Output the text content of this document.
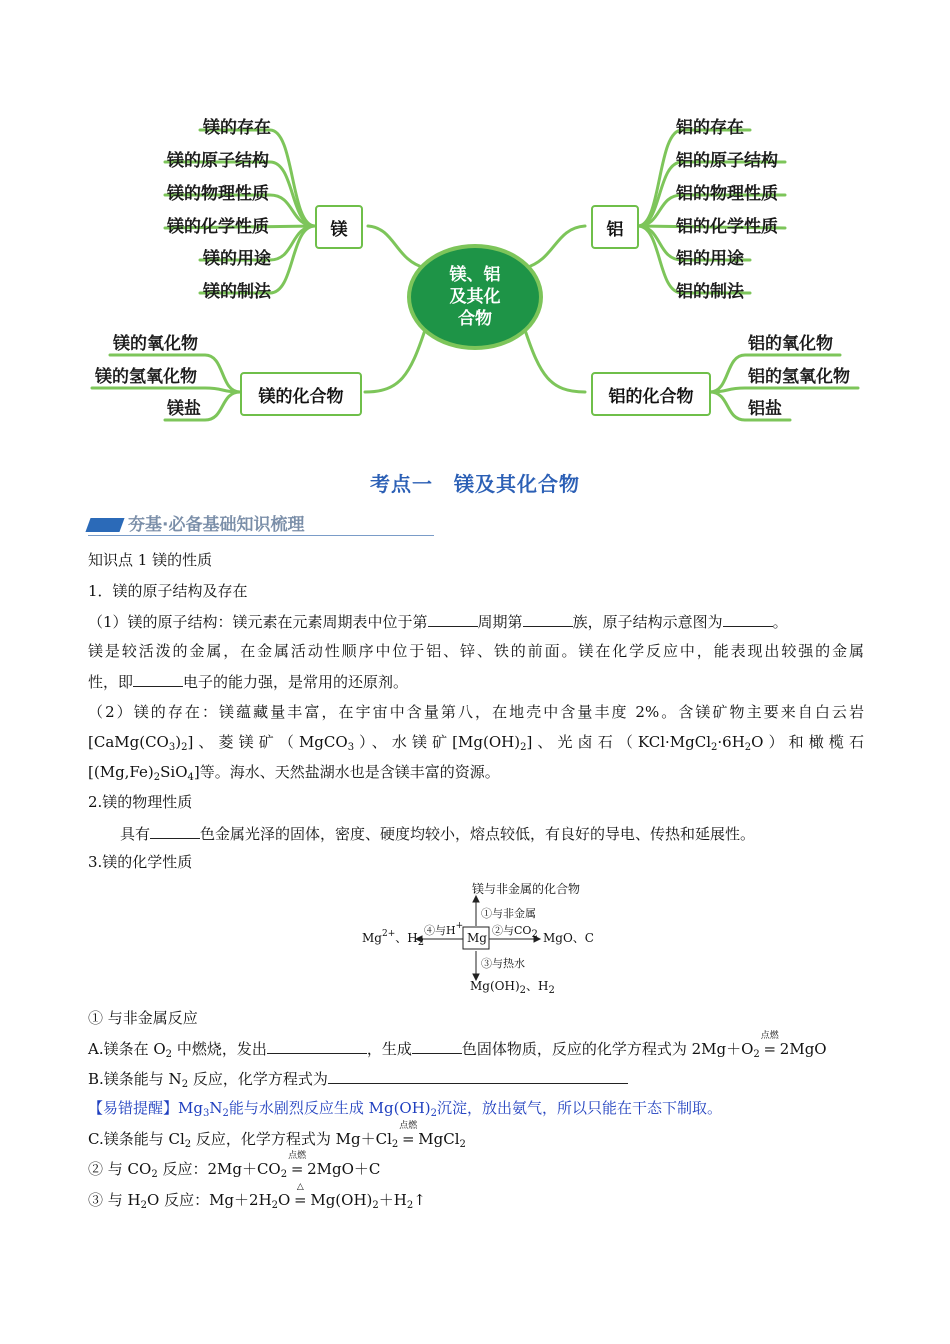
镁、铝
及其化
合物
镁	铝
镁的化合物	铝的化合物
镁的存在
镁的原子结构
镁的物理性质
镁的化学性质
镁的用途
镁的制法
铝的存在
铝的原子结构
铝的物理性质
铝的化学性质
铝的用途
铝的制法
镁的氧化物
镁的氢氧化物
镁盐
铝的氧化物
铝的氢氧化物
铝盐
考点一　镁及其化合物
夯基·必备基础知识梳理
知识点 1 镁的性质
1．镁的原子结构及存在
（1）镁的原子结构：镁元素在元素周期表中位于第	周期第	族，原子结构示意图为	。
镁是较活泼的金属，在金属活动性顺序中位于铝、锌、铁的前面。镁在化学反应中，能表现出较强的金属
性，即	电子的能力强，是常用的还原剂。
（2）镁的存在：镁蕴藏量丰富，在宇宙中含量第八，在地壳中含量丰度 2%。含镁矿物主要来自白云岩
$[CaMg(CO_3)_2]$、菱镁矿（MgCO$_3$）、水镁矿$[Mg(OH)_2]$、光卤石$(KCl\cdot MgCl_2\cdot 6H_2O)$和橄榄石
$[(Mg,Fe)_2SiO_4]$等。海水、天然盐湖水也是含镁丰富的资源。
2.镁的物理性质
具有	色金属光泽的固体，密度、硬度均较小，熔点较低，有良好的导电、传热和延展性。
3.镁的化学性质
镁与非金属的化合物
①与非金属
②与$CO_2$
③与热水
④与H+
Mg	MgO、C
$Mg^{2+}$、$H_2$
$Mg(OH)_2$、$H_2$
① 与非金属反应
A.镁条在 $O_2$ 中燃烧，发出	，生成	色固体物质，反应的化学方程式为 $2Mg+O_2$
点燃
= 2MgO
B.镁条能与 $N_2$ 反应，化学方程式为
【易错提醒】$Mg_3N_2$能与水剧烈反应生成 $Mg(OH)_2$沉淀，放出氨气，所以只能在干态下制取。
C.镁条能与 $Cl_2$ 反应，化学方程式为 $Mg+Cl_2$
点燃
= MgCl$_2$
② 与 $CO_2$ 反应：$2Mg+CO_2$
点燃
= 2MgO＋C
③ 与 $H_2O$ 反应：$Mg+2H_2O$
△
= $Mg(OH)_2+H_2↑$
